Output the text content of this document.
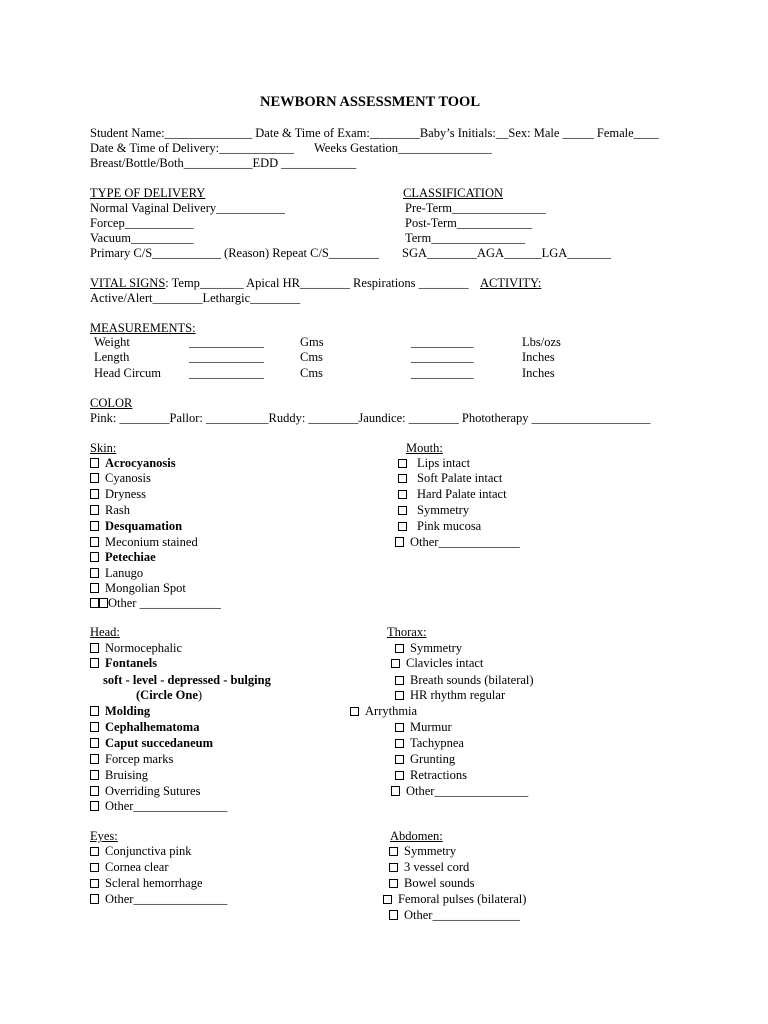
NEWBORN ASSESSMENT TOOL
Student Name:______________ Date & Time of Exam:________Baby’s Initials:__Sex: Male _____ Female____
Date & Time of Delivery:____________ Weeks Gestation_______________
Breast/Bottle/Both___________EDD ____________
TYPE OF DELIVERY
Normal Vaginal Delivery___________
Forcep___________
Vacuum__________
Primary C/S___________ (Reason) Repeat C/S________
CLASSIFICATION
Pre-Term_______________
Post-Term____________
Term_______________
SGA________AGA______LGA_______
VITAL SIGNS: Temp_______ Apical HR________ Respirations ________ ACTIVITY:
Active/Alert________Lethargic________
MEASUREMENTS:
Weight	____________	Gms	__________	Lbs/ozs
Length	____________	Cms	__________	Inches
Head Circum ____________	Cms	__________	Inches
COLOR
Pink: ________Pallor: __________Ruddy: ________Jaundice: ________ Phototherapy ___________________
Skin:
Acrocyanosis
Cyanosis
Dryness
Rash
Desquamation
Meconium stained
Petechiae
Lanugo
Mongolian Spot
Other _____________
Mouth:
Lips intact
Soft Palate intact
Hard Palate intact
Symmetry
Pink mucosa
Other_____________
Head:
Normocephalic
Fontanels
soft - level - depressed - bulging
(Circle One)
Molding
Cephalhematoma
Caput succedaneum
Forcep marks
Bruising
Overriding Sutures
Other_______________
Thorax:
Symmetry
Clavicles intact
Breath sounds (bilateral)
HR rhythm regular
Arrythmia
Murmur
Tachypnea
Grunting
Retractions
Other_______________
Eyes:
Conjunctiva pink
Cornea clear
Scleral hemorrhage
Other_______________
Abdomen:
Symmetry
3 vessel cord
Bowel sounds
Femoral pulses (bilateral)
Other______________
